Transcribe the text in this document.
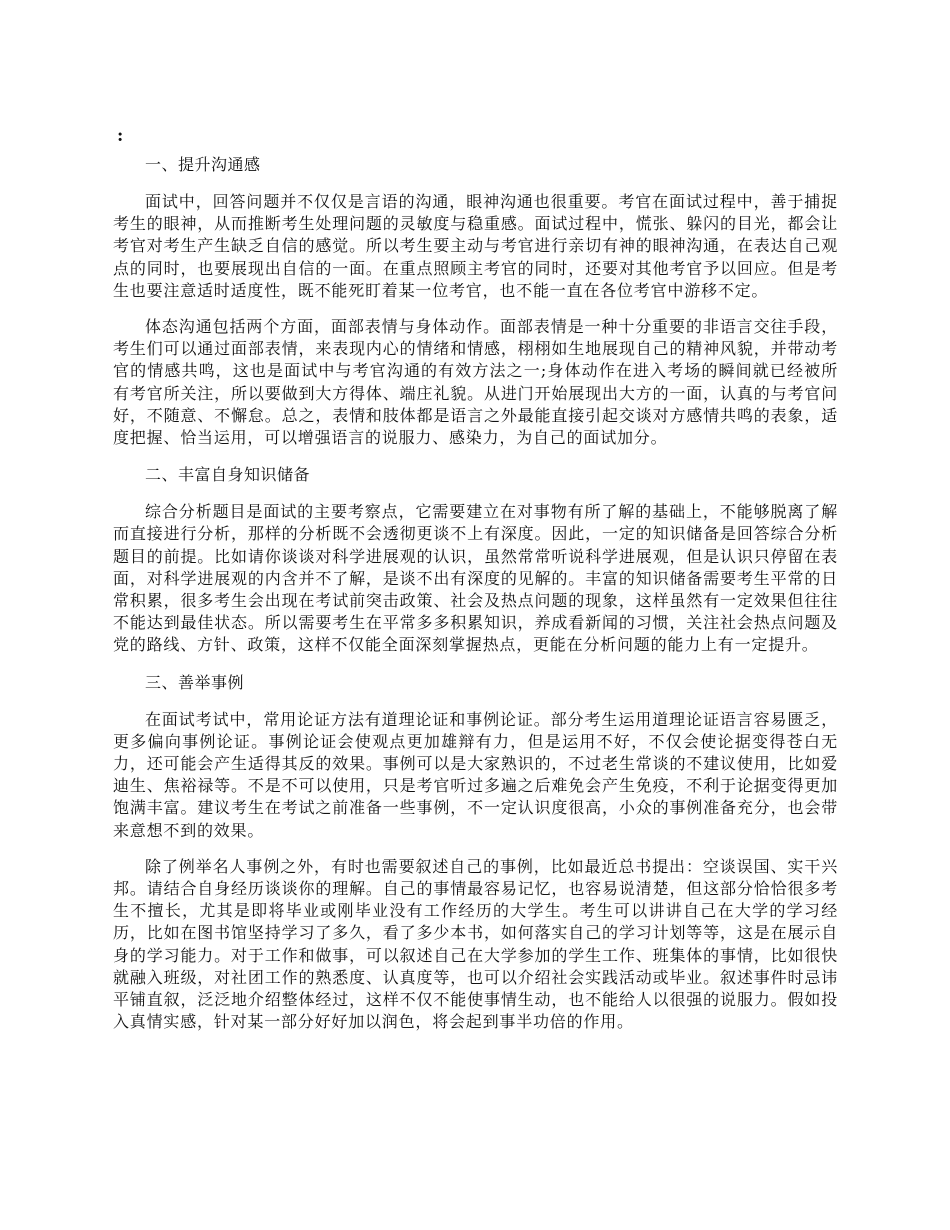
:
一、提升沟通感

面试中，回答问题并不仅仅是言语的沟通，眼神沟通也很重要。考官在面试过程中，善于捕捉考生的眼神，从而推断考生处理问题的灵敏度与稳重感。面试过程中，慌张、躲闪的目光，都会让考官对考生产生缺乏自信的感觉。所以考生要主动与考官进行亲切有神的眼神沟通，在表达自己观点的同时，也要展现出自信的一面。在重点照顾主考官的同时，还要对其他考官予以回应。但是考生也要注意适时适度性，既不能死盯着某一位考官，也不能一直在各位考官中游移不定。

体态沟通包括两个方面，面部表情与身体动作。面部表情是一种十分重要的非语言交往手段，考生们可以通过面部表情，来表现内心的情绪和情感，栩栩如生地展现自己的精神风貌，并带动考官的情感共鸣，这也是面试中与考官沟通的有效方法之一;身体动作在进入考场的瞬间就已经被所有考官所关注，所以要做到大方得体、端庄礼貌。从进门开始展现出大方的一面，认真的与考官问好，不随意、不懈怠。总之，表情和肢体都是语言之外最能直接引起交谈对方感情共鸣的表象，适度把握、恰当运用，可以增强语言的说服力、感染力，为自己的面试加分。

二、丰富自身知识储备

综合分析题目是面试的主要考察点，它需要建立在对事物有所了解的基础上，不能够脱离了解而直接进行分析，那样的分析既不会透彻更谈不上有深度。因此，一定的知识储备是回答综合分析题目的前提。比如请你谈谈对科学进展观的认识，虽然常常听说科学进展观，但是认识只停留在表面，对科学进展观的内含并不了解，是谈不出有深度的见解的。丰富的知识储备需要考生平常的日常积累，很多考生会出现在考试前突击政策、社会及热点问题的现象，这样虽然有一定效果但往往不能达到最佳状态。所以需要考生在平常多多积累知识，养成看新闻的习惯，关注社会热点问题及党的路线、方针、政策，这样不仅能全面深刻掌握热点，更能在分析问题的能力上有一定提升。

三、善举事例

在面试考试中，常用论证方法有道理论证和事例论证。部分考生运用道理论证语言容易匮乏，更多偏向事例论证。事例论证会使观点更加雄辩有力，但是运用不好，不仅会使论据变得苍白无力，还可能会产生适得其反的效果。事例可以是大家熟识的，不过老生常谈的不建议使用，比如爱迪生、焦裕禄等。不是不可以使用，只是考官听过多遍之后难免会产生免疫，不利于论据变得更加饱满丰富。建议考生在考试之前准备一些事例，不一定认识度很高，小众的事例准备充分，也会带来意想不到的效果。

除了例举名人事例之外，有时也需要叙述自己的事例，比如最近总书提出：空谈误国、实干兴邦。请结合自身经历谈谈你的理解。自己的事情最容易记忆，也容易说清楚，但这部分恰恰很多考生不擅长，尤其是即将毕业或刚毕业没有工作经历的大学生。考生可以讲讲自己在大学的学习经历，比如在图书馆坚持学习了多久，看了多少本书，如何落实自己的学习计划等等，这是在展示自身的学习能力。对于工作和做事，可以叙述自己在大学参加的学生工作、班集体的事情，比如很快就融入班级，对社团工作的熟悉度、认真度等，也可以介绍社会实践活动或毕业。叙述事件时忌讳平铺直叙，泛泛地介绍整体经过，这样不仅不能使事情生动，也不能给人以很强的说服力。假如投入真情实感，针对某一部分好好加以润色，将会起到事半功倍的作用。
